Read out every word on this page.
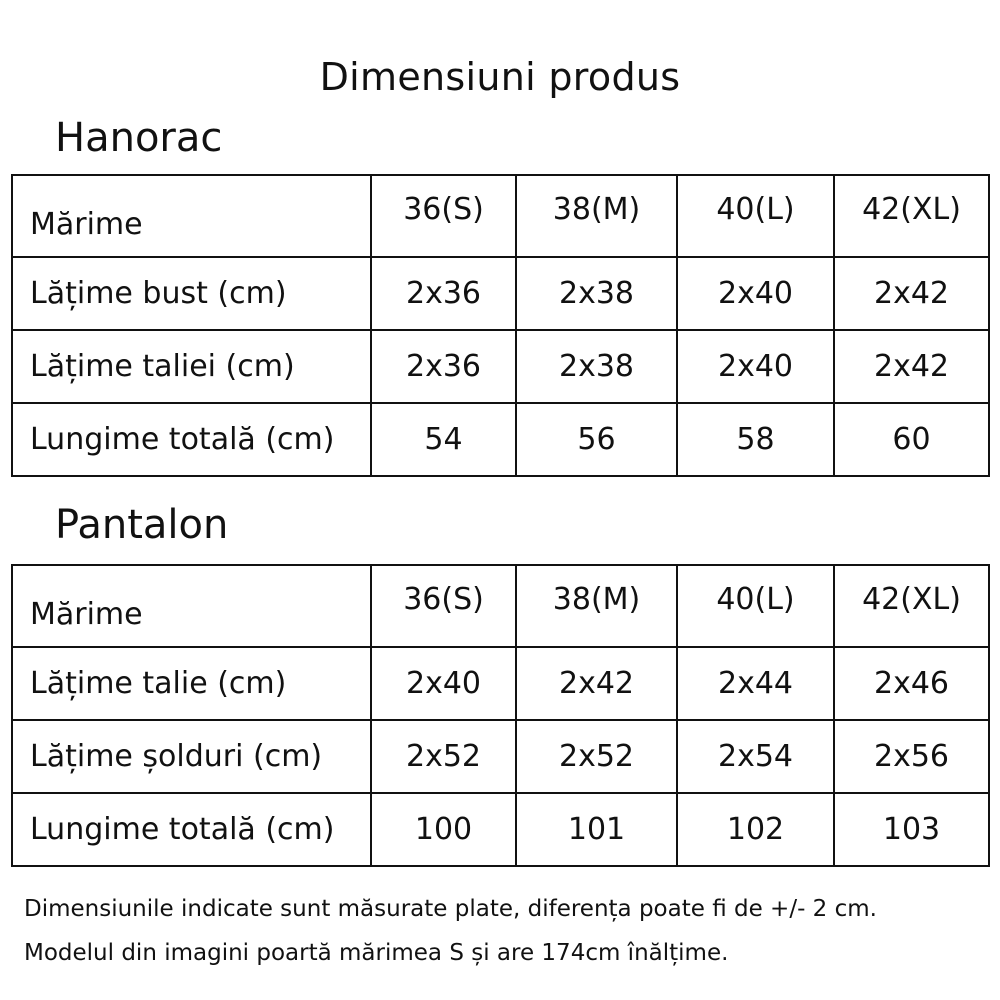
Dimensiuni produs
Hanorac
Mărime	36(S)	38(M)	40(L)	42(XL)
Lățime bust (cm)	2x36	2x38	2x40	2x42
Lățime taliei (cm)	2x36	2x38	2x40	2x42
Lungime totală (cm)	54	56	58	60
Pantalon
Mărime	36(S)	38(M)	40(L)	42(XL)
Lățime talie (cm)	2x40	2x42	2x44	2x46
Lățime șolduri (cm)	2x52	2x52	2x54	2x56
Lungime totală (cm)	100	101	102	103
Dimensiunile indicate sunt măsurate plate, diferența poate fi de +/- 2 cm.
Modelul din imagini poartă mărimea S și are 174cm înălțime.
